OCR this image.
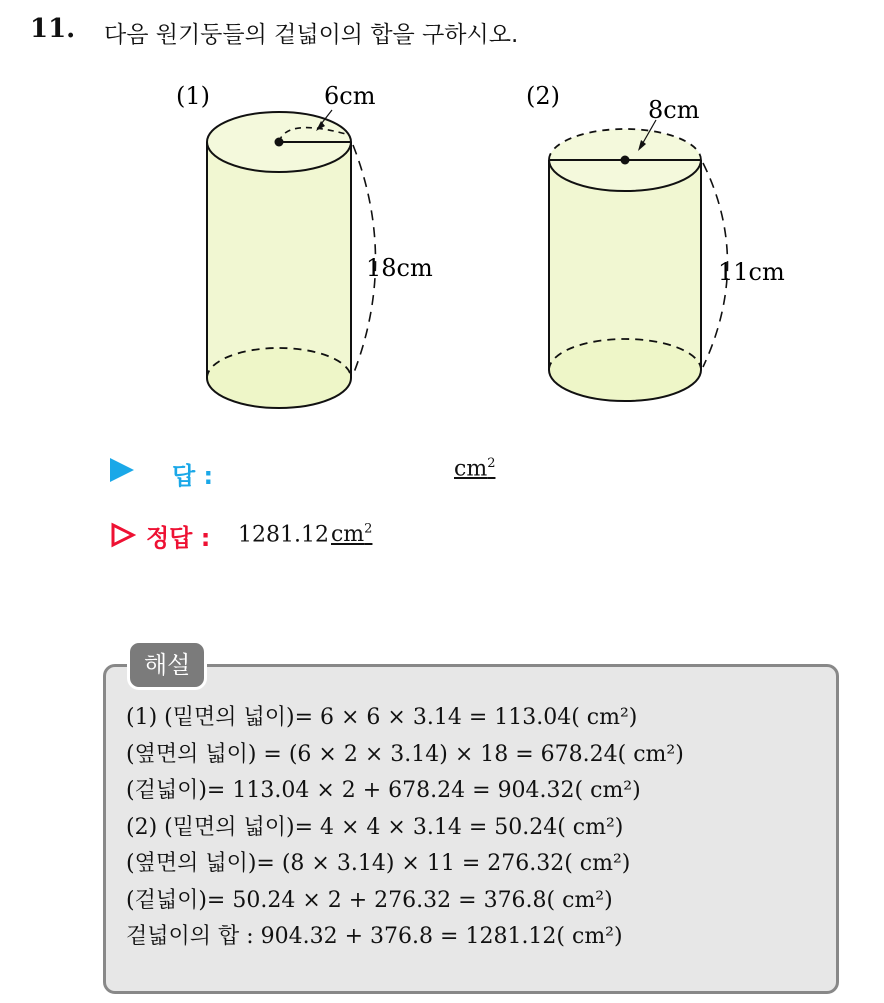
11. 다음 원기둥들의 겉넓이의 합을 구하시오.
(1)	6cm
18cm
(2)	8cm
11cm
답 :	$cm^2$
정답 : $1281.12cm^2$
해설
(1) (밑면의 넓이)= 6 × 6 × 3.14 = 113.04( cm²)
(옆면의 넓이) = (6 × 2 × 3.14) × 18 = 678.24( cm²)
(겉넓이)= 113.04 × 2 + 678.24 = 904.32( cm²)
(2) (밑면의 넓이)= 4 × 4 × 3.14 = 50.24( cm²)
(옆면의 넓이)= (8 × 3.14) × 11 = 276.32( cm²)
(겉넓이)= 50.24 × 2 + 276.32 = 376.8( cm²)
겉넓이의 합 : 904.32 + 376.8 = 1281.12( cm²)
